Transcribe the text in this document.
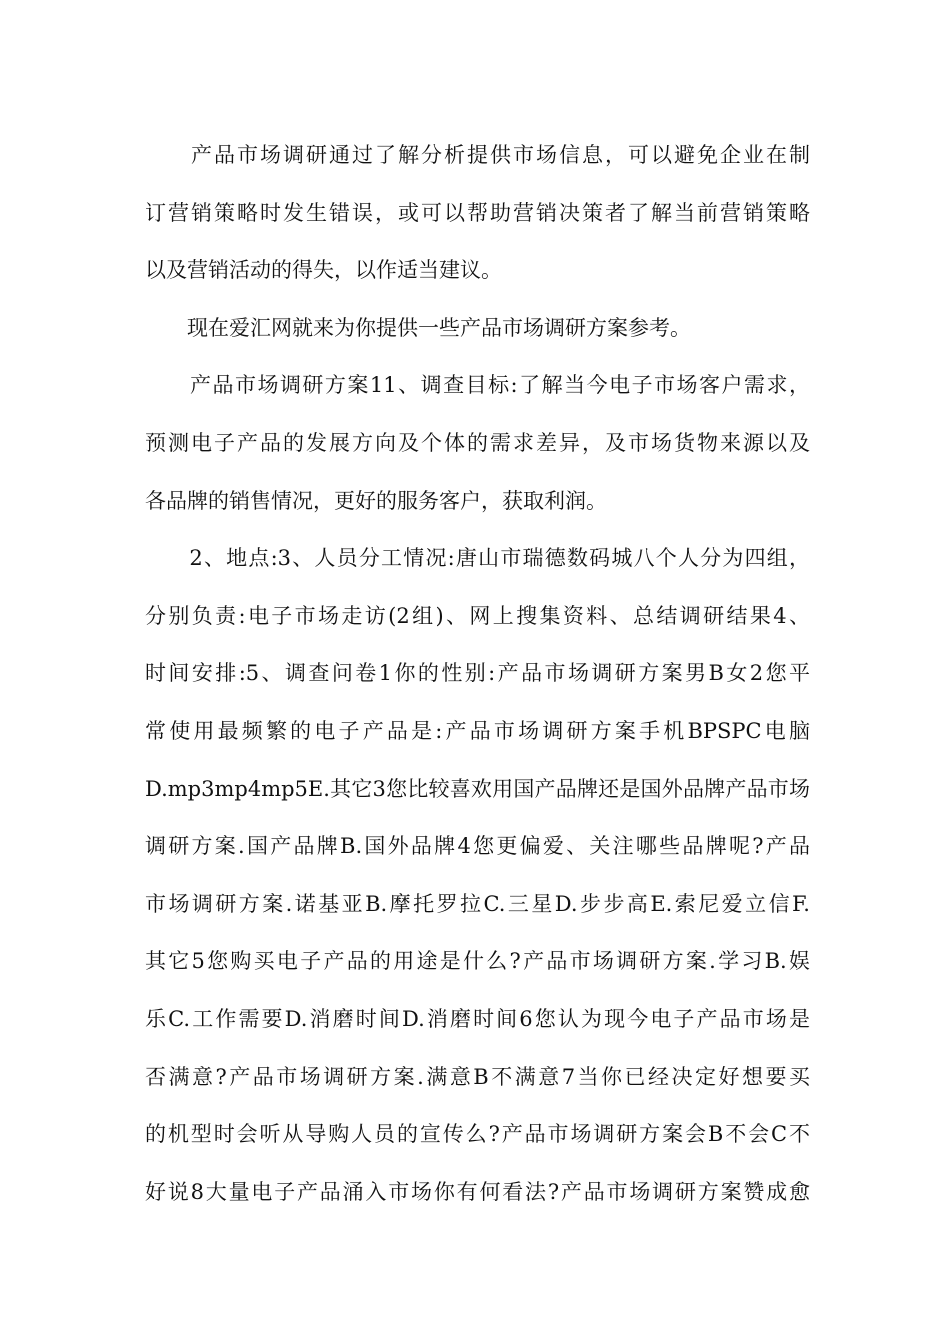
　　产品市场调研通过了解分析提供市场信息，可以避免企业在制
订营销策略时发生错误，或可以帮助营销决策者了解当前营销策略
以及营销活动的得失，以作适当建议。
　　现在爱汇网就来为你提供一些产品市场调研方案参考。
　　产品市场调研方案11、调查目标:了解当今电子市场客户需求，
预测电子产品的发展方向及个体的需求差异，及市场货物来源以及
各品牌的销售情况，更好的服务客户，获取利润。
　　2、地点:3、人员分工情况:唐山市瑞德数码城八个人分为四组，
分别负责:电子市场走访(2组)、网上搜集资料、总结调研结果4、
时间安排:5、调查问卷1你的性别:产品市场调研方案男B女2您平
常使用最频繁的电子产品是:产品市场调研方案手机BPSPC电脑
D.mp3mp4mp5E.其它3您比较喜欢用国产品牌还是国外品牌产品市场
调研方案.国产品牌B.国外品牌4您更偏爱、关注哪些品牌呢?产品
市场调研方案.诺基亚B.摩托罗拉C.三星D.步步高E.索尼爱立信F.
其它5您购买电子产品的用途是什么?产品市场调研方案.学习B.娱
乐C.工作需要D.消磨时间D.消磨时间6您认为现今电子产品市场是
否满意?产品市场调研方案.满意B不满意7当你已经决定好想要买
的机型时会听从导购人员的宣传么?产品市场调研方案会B不会C不
好说8大量电子产品涌入市场你有何看法?产品市场调研方案赞成愈
